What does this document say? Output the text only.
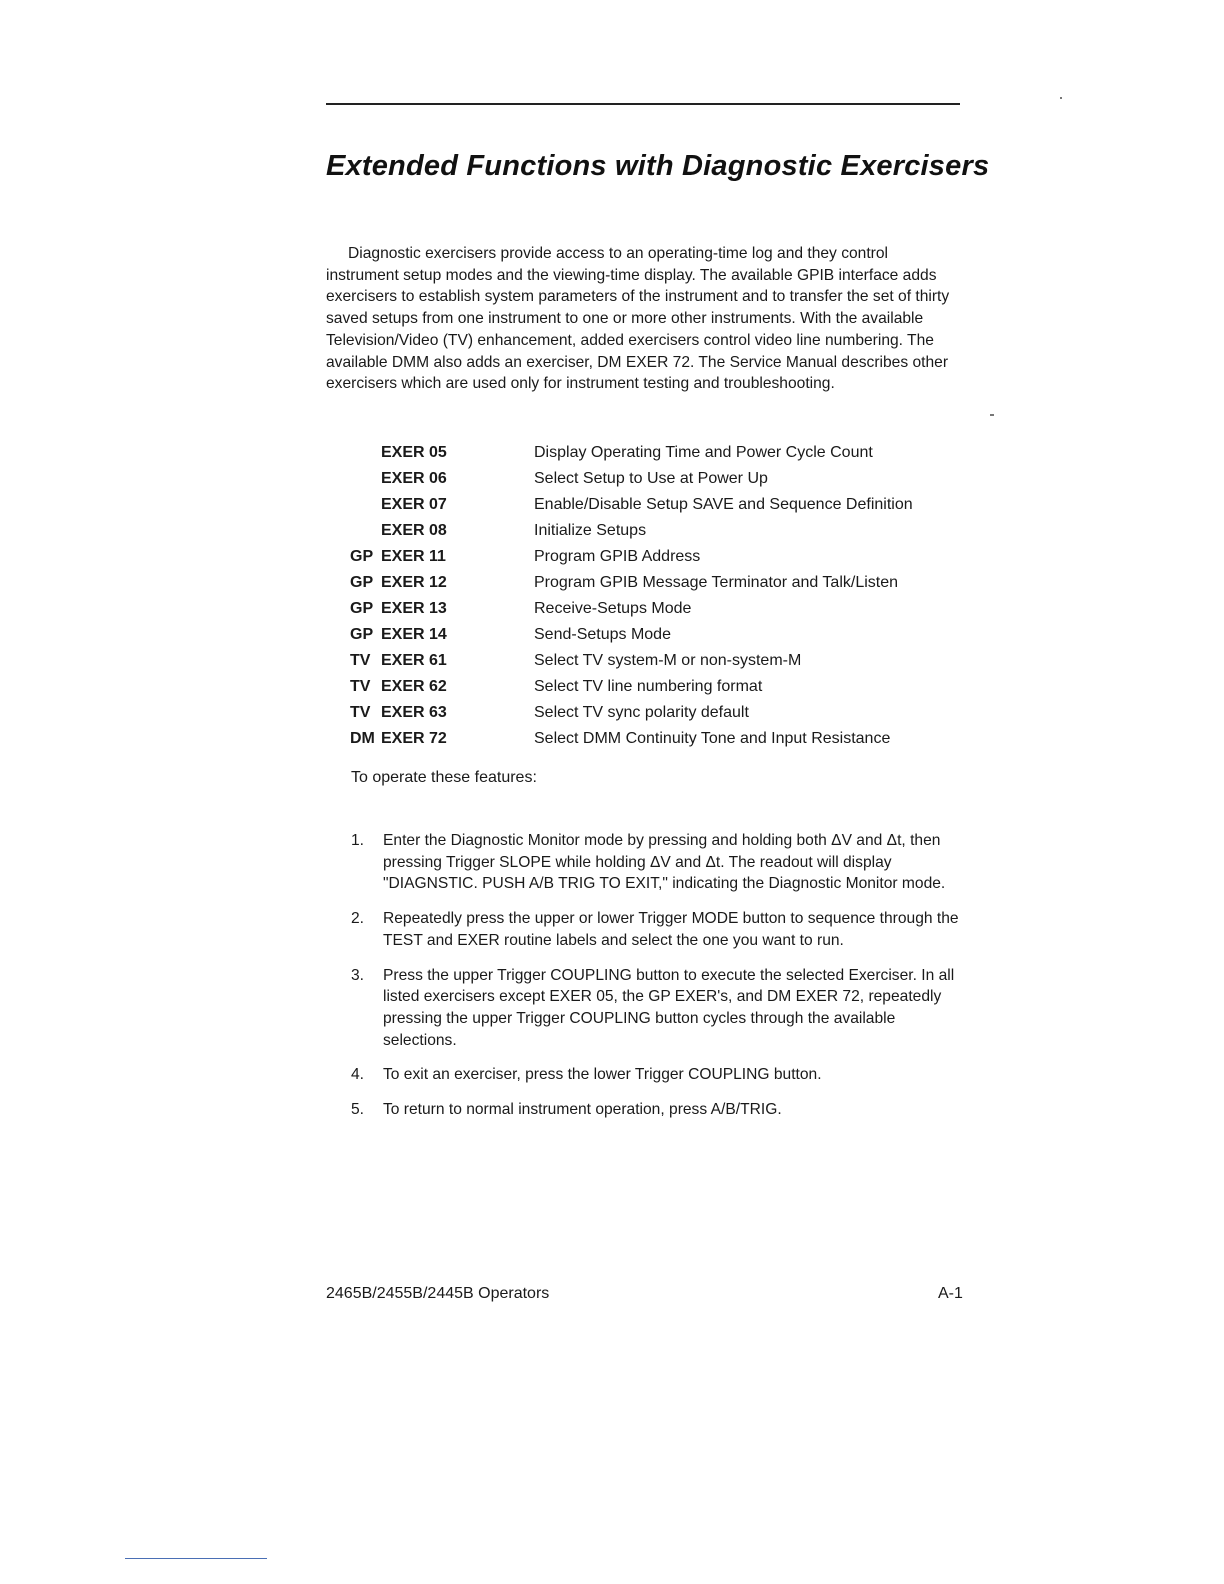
Extended Functions with Diagnostic Exercisers

Diagnostic exercisers provide access to an operating-time log and they control instrument setup modes and the viewing-time display. The available GPIB interface adds exercisers to establish system parameters of the instrument and to transfer the set of thirty saved setups from one instrument to one or more other instruments. With the available Television/Video (TV) enhancement, added exercisers control video line numbering. The available DMM also adds an exerciser, DM EXER 72. The Service Manual describes other exercisers which are used only for instrument testing and troubleshooting.

EXER 05	Display Operating Time and Power Cycle Count
EXER 06	Select Setup to Use at Power Up
EXER 07	Enable/Disable Setup SAVE and Sequence Definition
EXER 08	Initialize Setups
GP EXER 11	Program GPIB Address
GP EXER 12	Program GPIB Message Terminator and Talk/Listen
GP EXER 13	Receive-Setups Mode
GP EXER 14	Send-Setups Mode
TV EXER 61	Select TV system-M or non-system-M
TV EXER 62	Select TV line numbering format
TV EXER 63	Select TV sync polarity default
DM EXER 72	Select DMM Continuity Tone and Input Resistance

To operate these features:

1.	Enter the Diagnostic Monitor mode by pressing and holding both ΔV and Δt, then pressing Trigger SLOPE while holding ΔV and Δt. The readout will display "DIAGNSTIC. PUSH A/B TRIG TO EXIT," indicating the Diagnostic Monitor mode.
2.	Repeatedly press the upper or lower Trigger MODE button to sequence through the TEST and EXER routine labels and select the one you want to run.
3.	Press the upper Trigger COUPLING button to execute the selected Exerciser. In all listed exercisers except EXER 05, the GP EXER's, and DM EXER 72, repeatedly pressing the upper Trigger COUPLING button cycles through the available selections.
4.	To exit an exerciser, press the lower Trigger COUPLING button.
5.	To return to normal instrument operation, press A/B/TRIG.
2465B/2455B/2445B Operators	A-1
